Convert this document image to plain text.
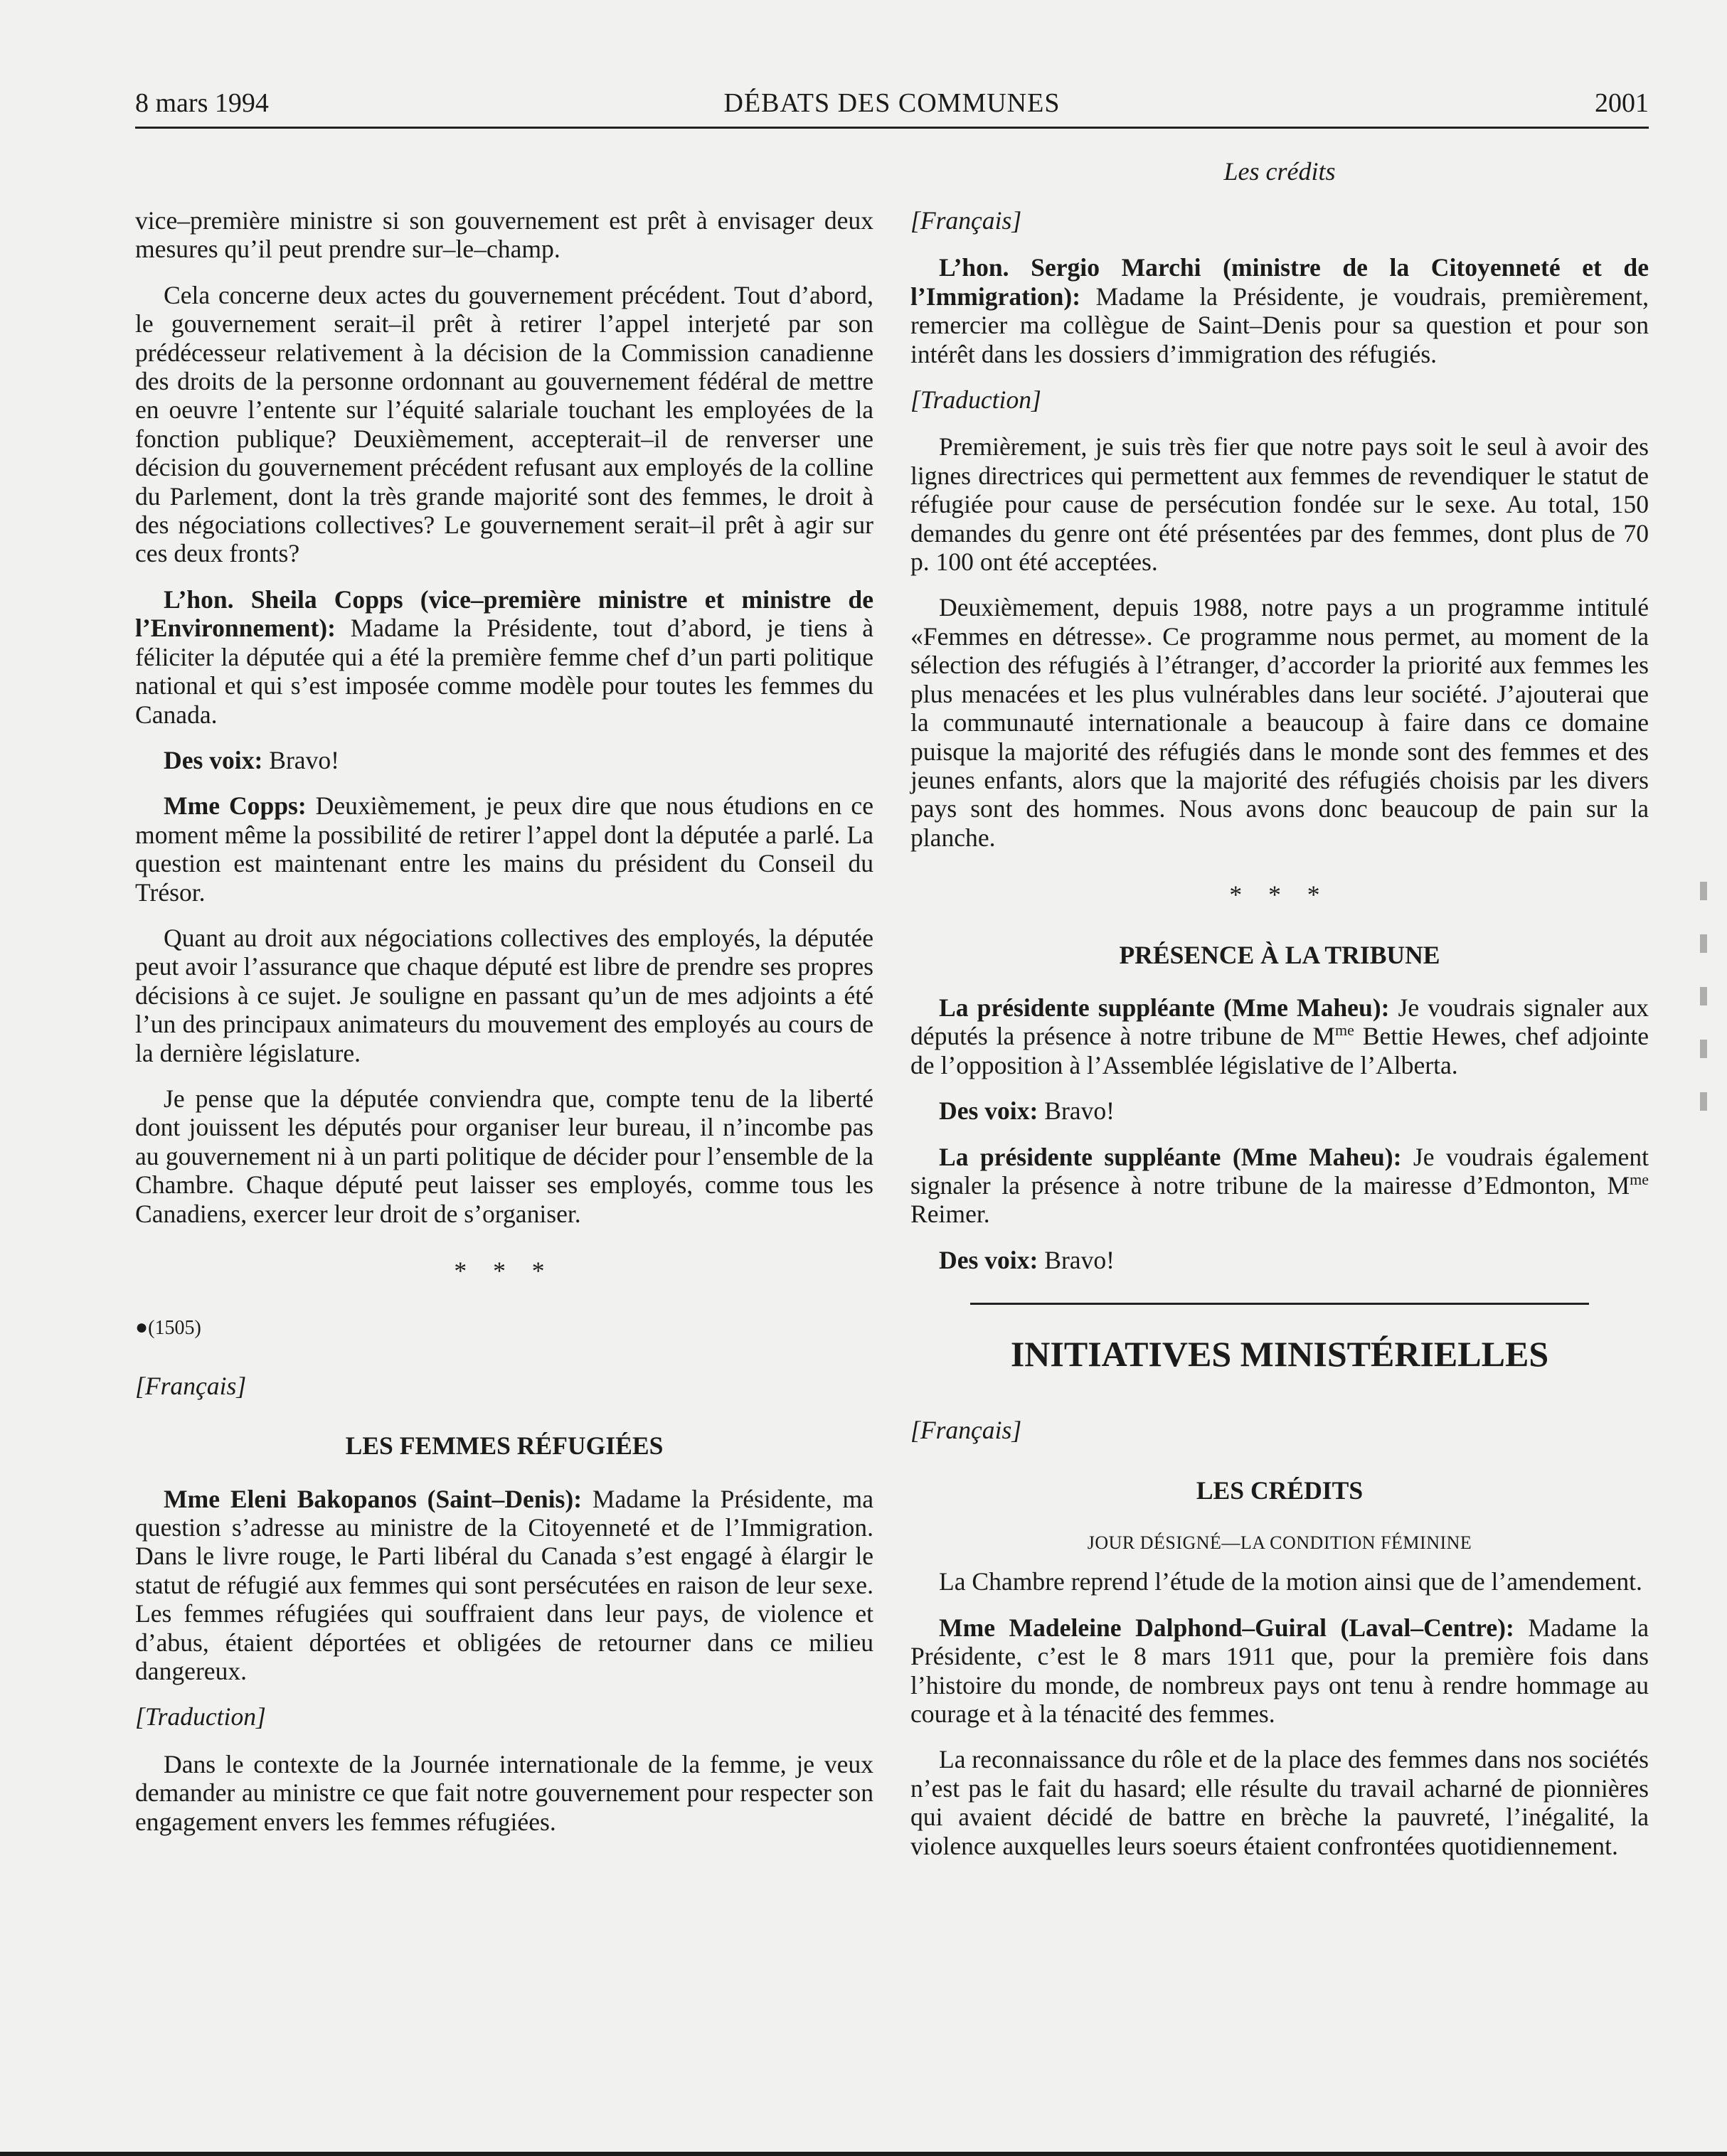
8 mars 1994	DÉBATS DES COMMUNES	2001
Les crédits

vice–première ministre si son gouvernement est prêt à envisager deux mesures qu’il peut prendre sur–le–champ.

Cela concerne deux actes du gouvernement précédent. Tout d’abord, le gouvernement serait–il prêt à retirer l’appel interjeté par son prédécesseur relativement à la décision de la Commission canadienne des droits de la personne ordonnant au gouvernement fédéral de mettre en oeuvre l’entente sur l’équité salariale touchant les employées de la fonction publique? Deuxièmement, accepterait–il de renverser une décision du gouvernement précédent refusant aux employés de la colline du Parlement, dont la très grande majorité sont des femmes, le droit à des négociations collectives? Le gouvernement serait–il prêt à agir sur ces deux fronts?

L’hon. Sheila Copps (vice–première ministre et ministre de l’Environnement): Madame la Présidente, tout d’abord, je tiens à féliciter la députée qui a été la première femme chef d’un parti politique national et qui s’est imposée comme modèle pour toutes les femmes du Canada.

Des voix: Bravo!

Mme Copps: Deuxièmement, je peux dire que nous étudions en ce moment même la possibilité de retirer l’appel dont la députée a parlé. La question est maintenant entre les mains du président du Conseil du Trésor.

Quant au droit aux négociations collectives des employés, la députée peut avoir l’assurance que chaque député est libre de prendre ses propres décisions à ce sujet. Je souligne en passant qu’un de mes adjoints a été l’un des principaux animateurs du mouvement des employés au cours de la dernière législature.

Je pense que la députée conviendra que, compte tenu de la liberté dont jouissent les députés pour organiser leur bureau, il n’incombe pas au gouvernement ni à un parti politique de décider pour l’ensemble de la Chambre. Chaque député peut laisser ses employés, comme tous les Canadiens, exercer leur droit de s’organiser.

* * *

●(1505)

[Français]

LES FEMMES RÉFUGIÉES

Mme Eleni Bakopanos (Saint–Denis): Madame la Présidente, ma question s’adresse au ministre de la Citoyenneté et de l’Immigration. Dans le livre rouge, le Parti libéral du Canada s’est engagé à élargir le statut de réfugié aux femmes qui sont persécutées en raison de leur sexe. Les femmes réfugiées qui souffraient dans leur pays, de violence et d’abus, étaient déportées et obligées de retourner dans ce milieu dangereux.

[Traduction]

Dans le contexte de la Journée internationale de la femme, je veux demander au ministre ce que fait notre gouvernement pour respecter son engagement envers les femmes réfugiées.

[Français]

L’hon. Sergio Marchi (ministre de la Citoyenneté et de l’Immigration): Madame la Présidente, je voudrais, premièrement, remercier ma collègue de Saint–Denis pour sa question et pour son intérêt dans les dossiers d’immigration des réfugiés.

[Traduction]

Premièrement, je suis très fier que notre pays soit le seul à avoir des lignes directrices qui permettent aux femmes de revendiquer le statut de réfugiée pour cause de persécution fondée sur le sexe. Au total, 150 demandes du genre ont été présentées par des femmes, dont plus de 70 p. 100 ont été acceptées.

Deuxièmement, depuis 1988, notre pays a un programme intitulé «Femmes en détresse». Ce programme nous permet, au moment de la sélection des réfugiés à l’étranger, d’accorder la priorité aux femmes les plus menacées et les plus vulnérables dans leur société. J’ajouterai que la communauté internationale a beaucoup à faire dans ce domaine puisque la majorité des réfugiés dans le monde sont des femmes et des jeunes enfants, alors que la majorité des réfugiés choisis par les divers pays sont des hommes. Nous avons donc beaucoup de pain sur la planche.

* * *

PRÉSENCE À LA TRIBUNE

La présidente suppléante (Mme Maheu): Je voudrais signaler aux députés la présence à notre tribune de $M^{me}$ Bettie Hewes, chef adjointe de l’opposition à l’Assemblée législative de l’Alberta.

Des voix: Bravo!

La présidente suppléante (Mme Maheu): Je voudrais également signaler la présence à notre tribune de la mairesse d’Edmonton, $M^{me}$ Reimer.

Des voix: Bravo!

INITIATIVES MINISTÉRIELLES

[Français]

LES CRÉDITS

JOUR DÉSIGNÉ—LA CONDITION FÉMININE

La Chambre reprend l’étude de la motion ainsi que de l’amendement.

Mme Madeleine Dalphond–Guiral (Laval–Centre): Madame la Présidente, c’est le 8 mars 1911 que, pour la première fois dans l’histoire du monde, de nombreux pays ont tenu à rendre hommage au courage et à la ténacité des femmes.

La reconnaissance du rôle et de la place des femmes dans nos sociétés n’est pas le fait du hasard; elle résulte du travail acharné de pionnières qui avaient décidé de battre en brèche la pauvreté, l’inégalité, la violence auxquelles leurs soeurs étaient confrontées quotidiennement.
